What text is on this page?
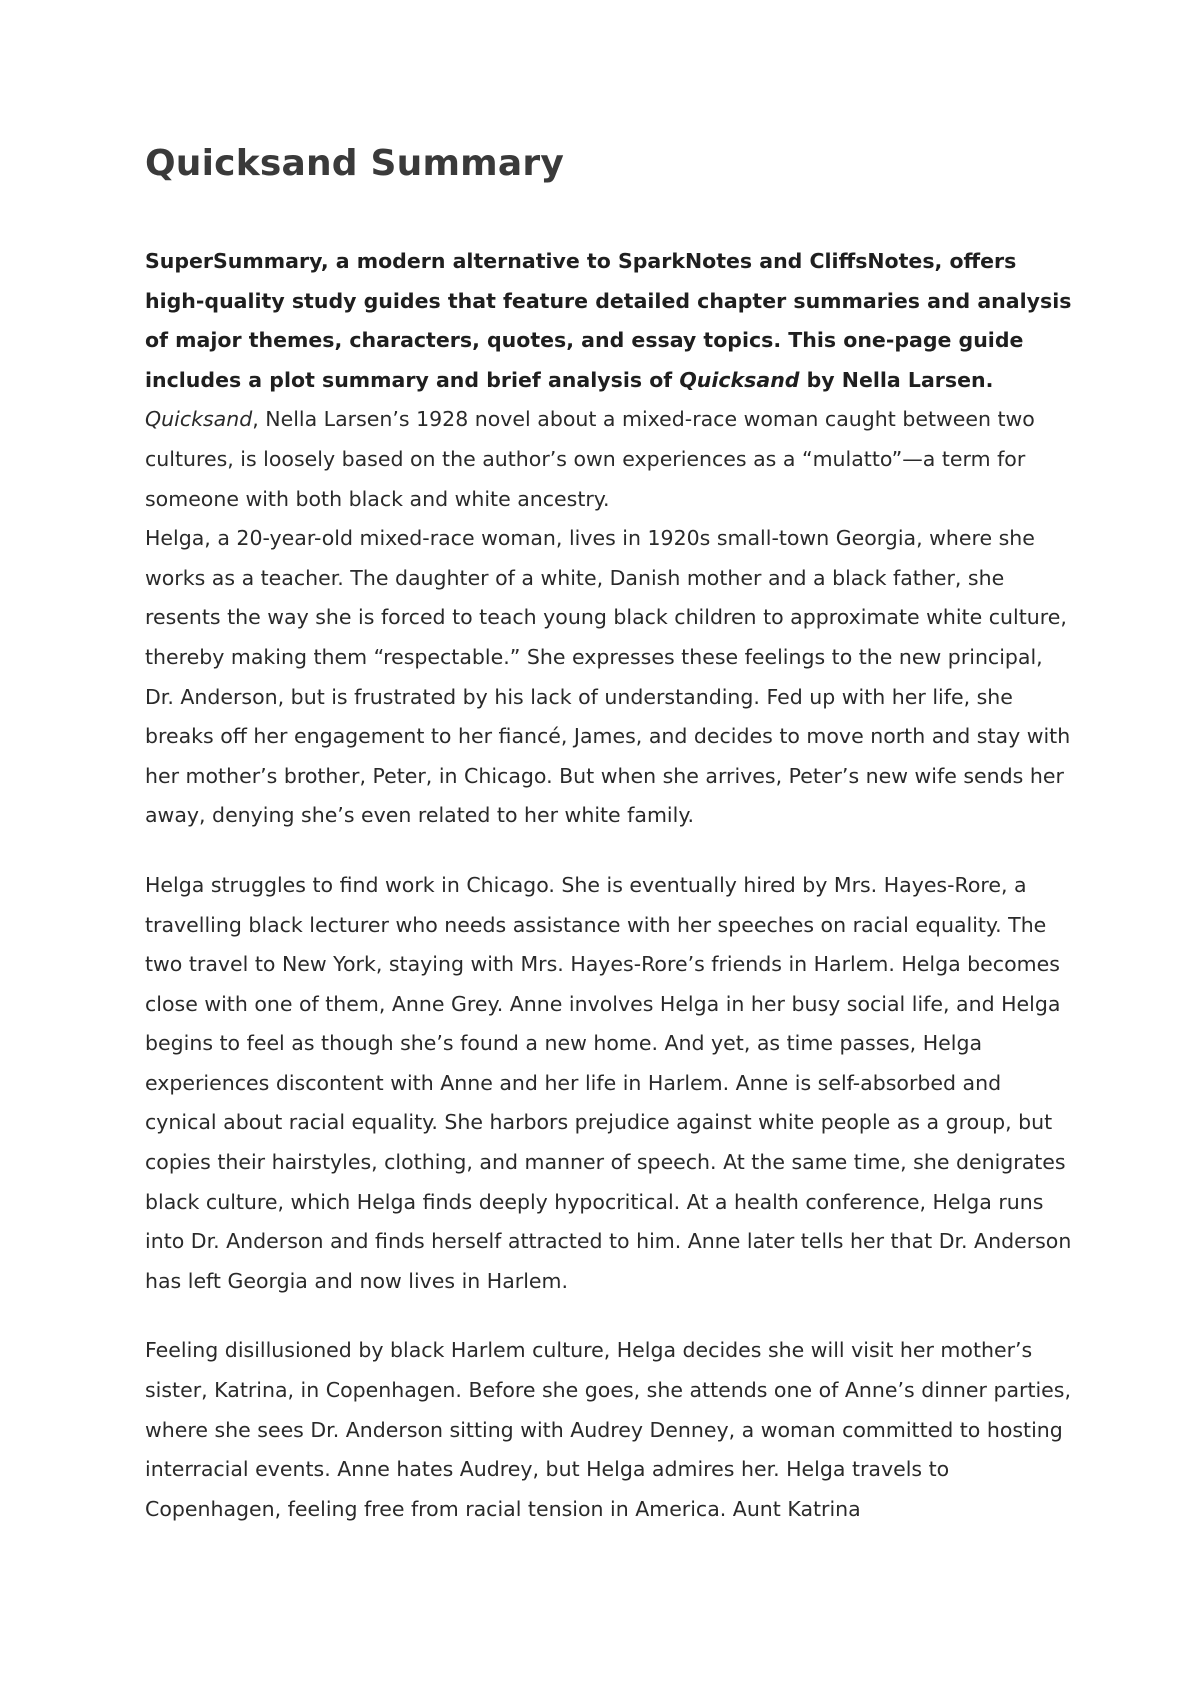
Quicksand Summary

SuperSummary, a modern alternative to SparkNotes and CliffsNotes, offers high-quality study guides that feature detailed chapter summaries and analysis of major themes, characters, quotes, and essay topics. This one-page guide includes a plot summary and brief analysis of Quicksand by Nella Larsen.

Quicksand, Nella Larsen’s 1928 novel about a mixed-race woman caught between two cultures, is loosely based on the author’s own experiences as a “mulatto”—a term for someone with both black and white ancestry.

Helga, a 20-year-old mixed-race woman, lives in 1920s small-town Georgia, where she works as a teacher. The daughter of a white, Danish mother and a black father, she resents the way she is forced to teach young black children to approximate white culture, thereby making them “respectable.” She expresses these feelings to the new principal, Dr. Anderson, but is frustrated by his lack of understanding. Fed up with her life, she breaks off her engagement to her fiancé, James, and decides to move north and stay with her mother’s brother, Peter, in Chicago. But when she arrives, Peter’s new wife sends her away, denying she’s even related to her white family.

Helga struggles to find work in Chicago. She is eventually hired by Mrs. Hayes-Rore, a travelling black lecturer who needs assistance with her speeches on racial equality. The two travel to New York, staying with Mrs. Hayes-Rore’s friends in Harlem. Helga becomes close with one of them, Anne Grey. Anne involves Helga in her busy social life, and Helga begins to feel as though she’s found a new home. And yet, as time passes, Helga experiences discontent with Anne and her life in Harlem. Anne is self-absorbed and cynical about racial equality. She harbors prejudice against white people as a group, but copies their hairstyles, clothing, and manner of speech. At the same time, she denigrates black culture, which Helga finds deeply hypocritical. At a health conference, Helga runs into Dr. Anderson and finds herself attracted to him. Anne later tells her that Dr. Anderson has left Georgia and now lives in Harlem.

Feeling disillusioned by black Harlem culture, Helga decides she will visit her mother’s sister, Katrina, in Copenhagen. Before she goes, she attends one of Anne’s dinner parties, where she sees Dr. Anderson sitting with Audrey Denney, a woman committed to hosting interracial events. Anne hates Audrey, but Helga admires her. Helga travels to Copenhagen, feeling free from racial tension in America. Aunt Katrina
